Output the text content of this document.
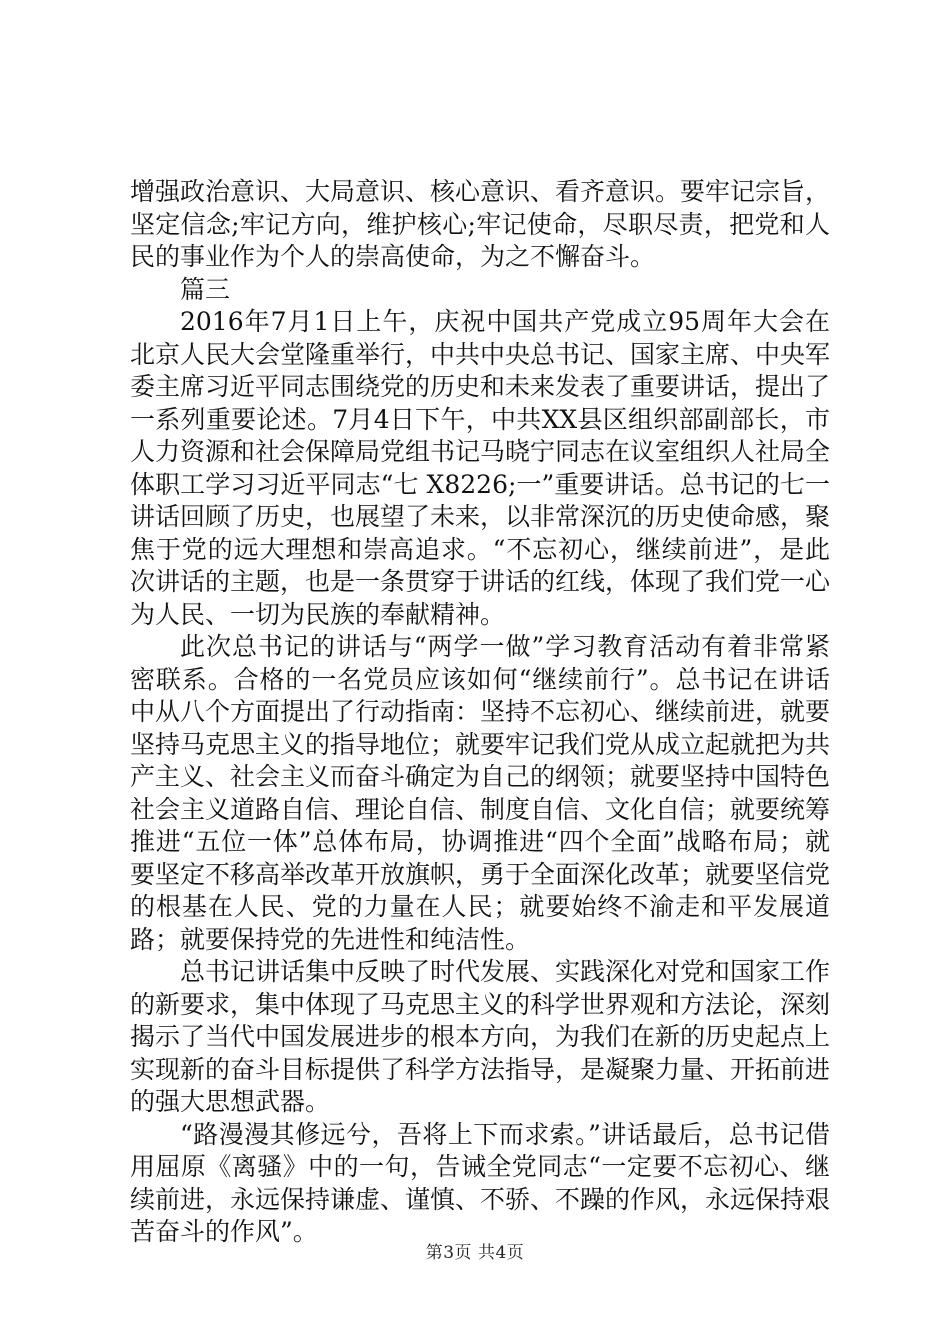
增强政治意识、大局意识、核心意识、看齐意识。要牢记宗旨，坚定信念;牢记方向，维护核心;牢记使命，尽职尽责，把党和人民的事业作为个人的崇高使命，为之不懈奋斗。

篇三

2016年7月1日上午，庆祝中国共产党成立95周年大会在北京人民大会堂隆重举行，中共中央总书记、国家主席、中央军委主席习近平同志围绕党的历史和未来发表了重要讲话，提出了一系列重要论述。7月4日下午，中共XX县区组织部副部长，市人力资源和社会保障局党组书记马晓宁同志在议室组织人社局全体职工学习习近平同志“七 X8226;一”重要讲话。总书记的七一讲话回顾了历史，也展望了未来，以非常深沉的历史使命感，聚焦于党的远大理想和崇高追求。“不忘初心，继续前进”，是此次讲话的主题，也是一条贯穿于讲话的红线，体现了我们党一心为人民、一切为民族的奉献精神。

此次总书记的讲话与“两学一做”学习教育活动有着非常紧密联系。合格的一名党员应该如何“继续前行”。总书记在讲话中从八个方面提出了行动指南：坚持不忘初心、继续前进，就要坚持马克思主义的指导地位；就要牢记我们党从成立起就把为共产主义、社会主义而奋斗确定为自己的纲领；就要坚持中国特色社会主义道路自信、理论自信、制度自信、文化自信；就要统筹推进“五位一体”总体布局，协调推进“四个全面”战略布局；就要坚定不移高举改革开放旗帜，勇于全面深化改革；就要坚信党的根基在人民、党的力量在人民；就要始终不渝走和平发展道路；就要保持党的先进性和纯洁性。

总书记讲话集中反映了时代发展、实践深化对党和国家工作的新要求，集中体现了马克思主义的科学世界观和方法论，深刻揭示了当代中国发展进步的根本方向，为我们在新的历史起点上实现新的奋斗目标提供了科学方法指导，是凝聚力量、开拓前进的强大思想武器。

“路漫漫其修远兮，吾将上下而求索。”讲话最后，总书记借用屈原《离骚》中的一句，告诫全党同志“一定要不忘初心、继续前进，永远保持谦虚、谨慎、不骄、不躁的作风，永远保持艰苦奋斗的作风”。

第3页 共4页
